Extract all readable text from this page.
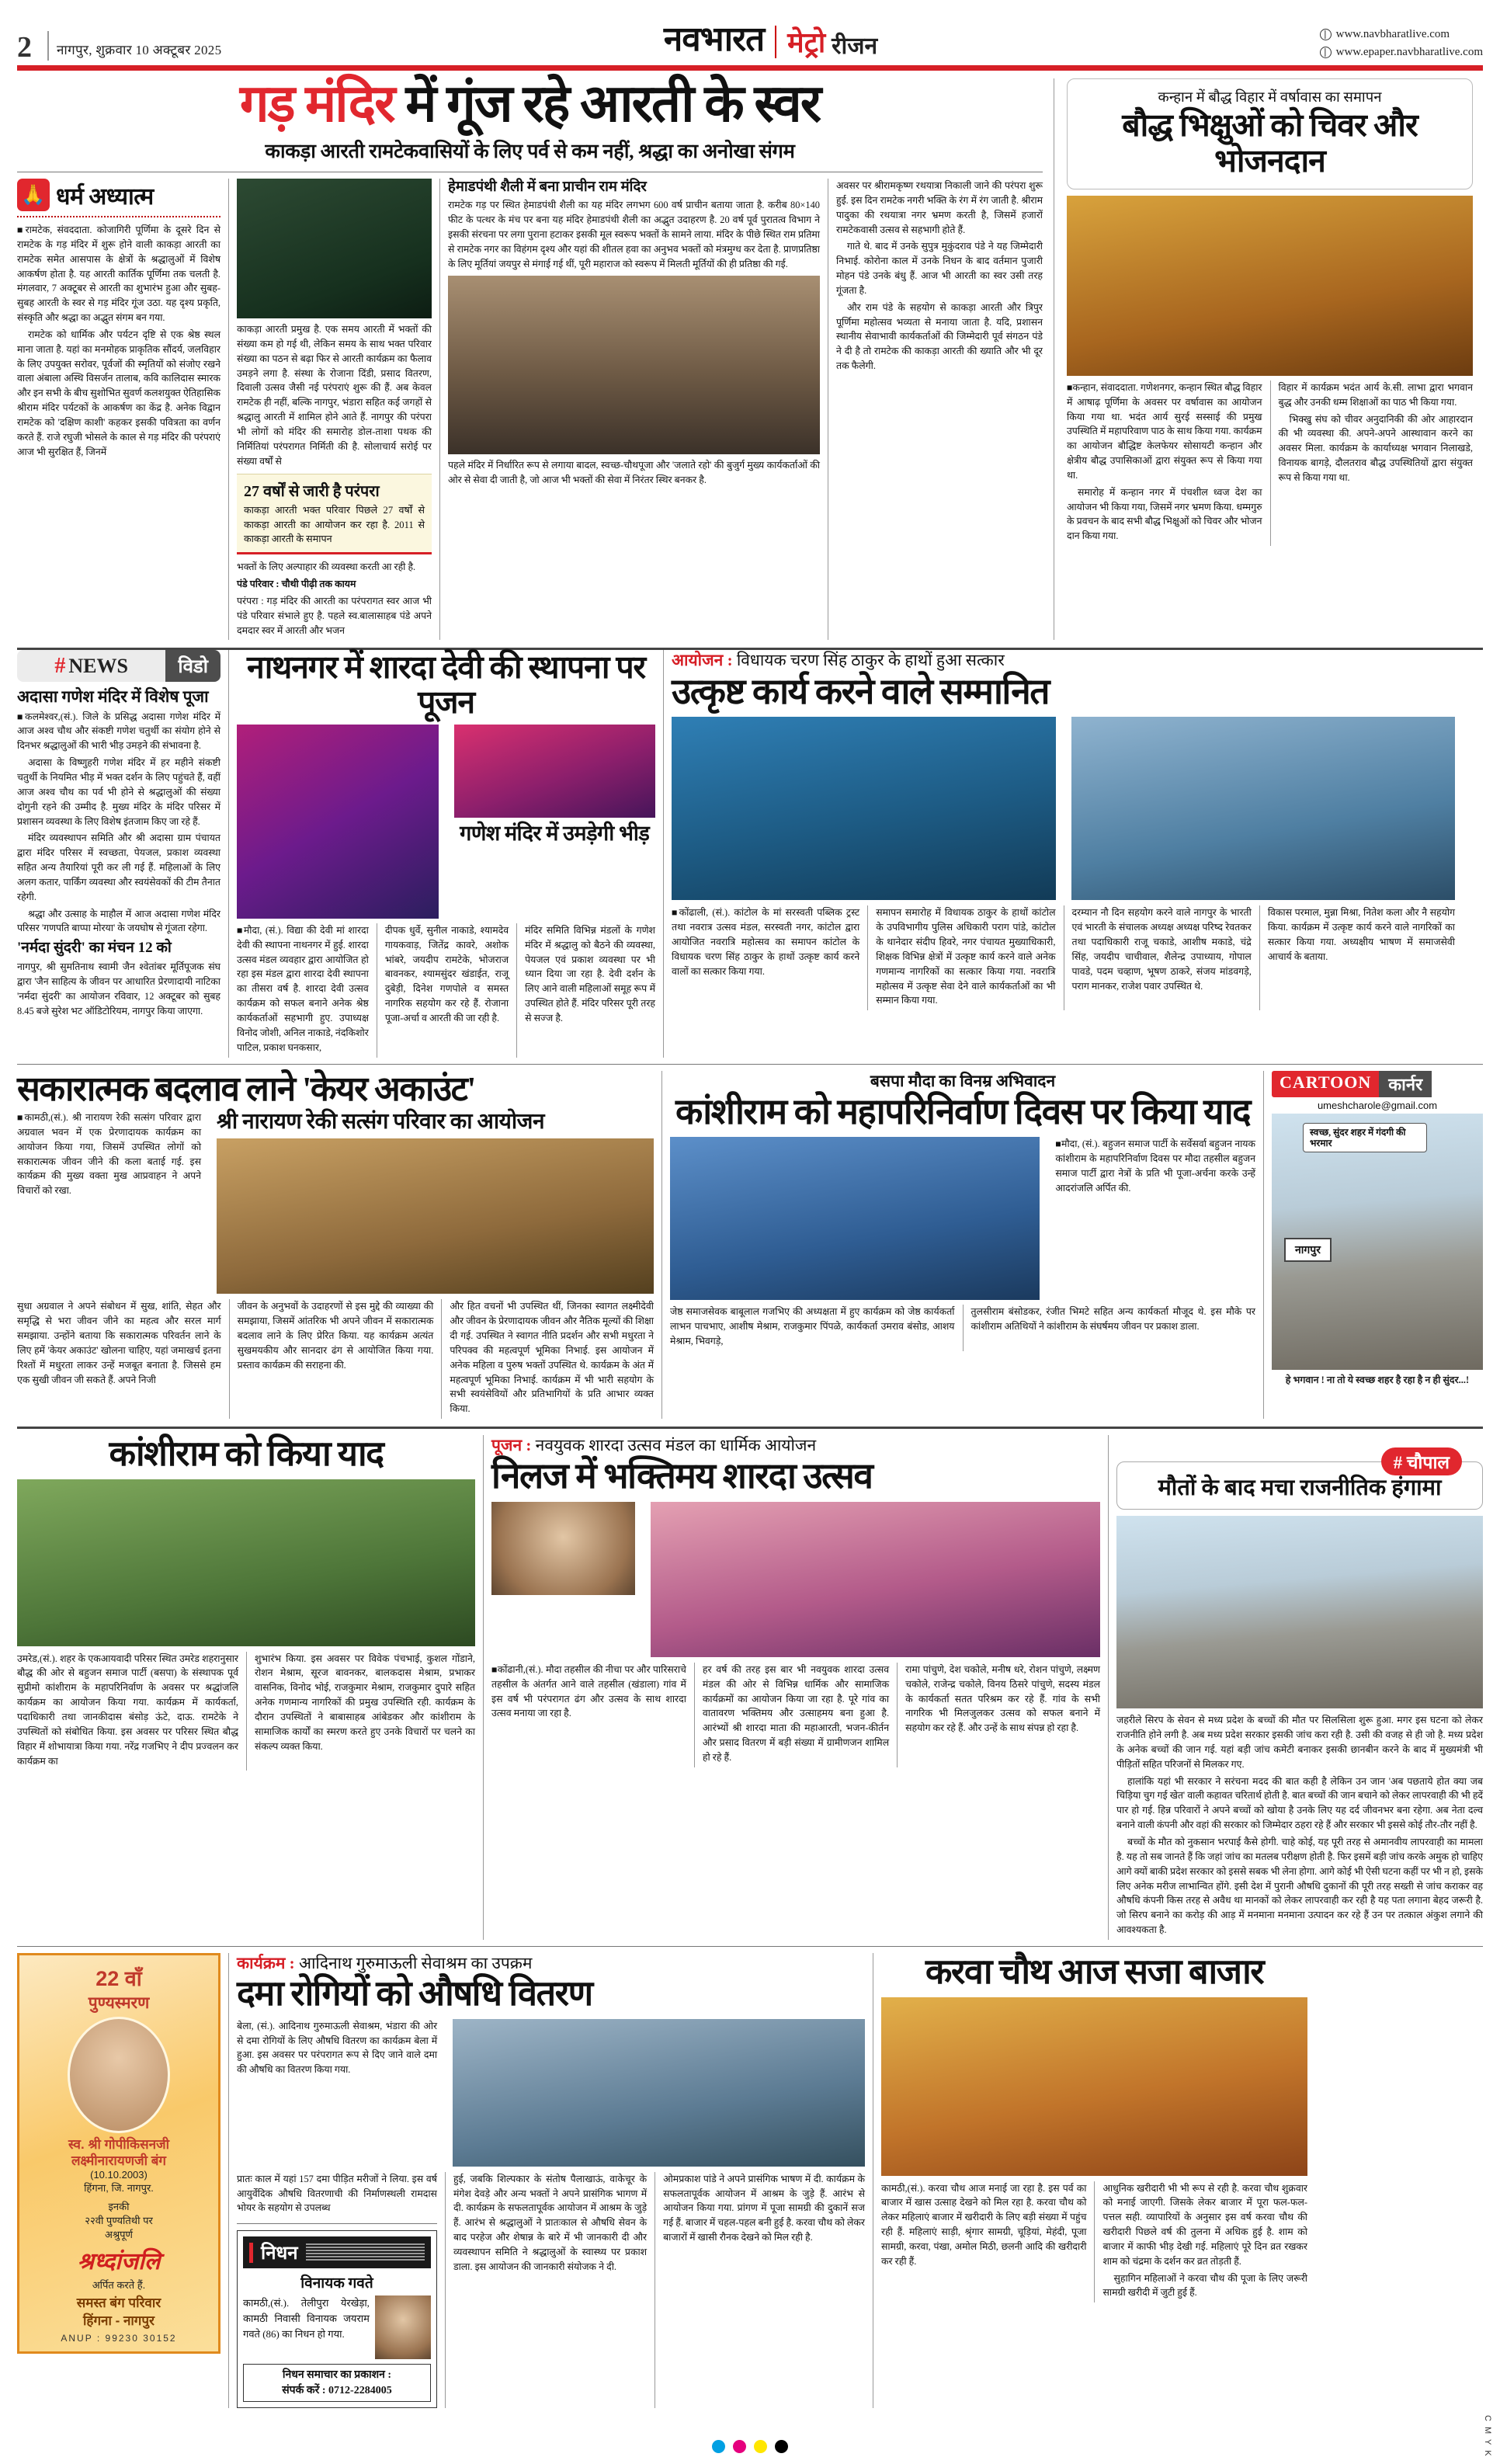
2	नागपुर, शुक्रवार 10 अक्टूबर 2025	नवभारत मेट्रो रीजन	www.navbharatlive.com
www.epaper.navbharatlive.com
गड़ मंदिर में गूंज रहे आरती के स्वर
काकड़ा आरती रामटेकवासियों के लिए पर्व से कम नहीं, श्रद्धा का अनोखा संगम
🙏 धर्म अध्यात्म

■रामटेक, संवददाता. कोजागिरी पूर्णिमा के दूसरे दिन से रामटेक के गड़ मंदिर में शुरू होने वाली काकड़ा आरती का रामटेक समेत आसपास के क्षेत्रों के श्रद्धालुओं में विशेष आकर्षण होता है. यह आरती कार्तिक पूर्णिमा तक चलती है. मंगलवार, 7 अक्टूबर से आरती का शुभारंभ हुआ और सुबह-सुबह आरती के स्वर से गड़ मंदिर गूंज उठा. यह दृश्य प्रकृति, संस्कृति और श्रद्धा का अद्भुत संगम बन गया.

रामटेक को धार्मिक और पर्यटन दृष्टि से एक श्रेष्ठ स्थल माना जाता है. यहां का मनमोहक प्राकृतिक सौंदर्य, जलविहार के लिए उपयुक्त सरोवर, पूर्वजों की स्मृतियों को संजोए रखने वाला अंबाला अस्थि विसर्जन तालाब, कवि कालिदास स्मारक और इन सभी के बीच सुशोभित सुवर्ण कलशयुक्त ऐतिहासिक श्रीराम मंदिर पर्यटकों के आकर्षण का केंद्र है. अनेक विद्वान रामटेक को 'दक्षिण काशी' कहकर इसकी पवित्रता का वर्णन करते हैं. राजे रघुजी भोसले के काल से गड़ मंदिर की परंपराएं आज भी सुरक्षित हैं, जिनमें

काकड़ा आरती प्रमुख है. एक समय आरती में भक्तों की संख्या कम हो गई थी, लेकिन समय के साथ भक्त परिवार संख्या का पठन से बढ़ा फिर से आरती कार्यक्रम का फैलाव उमड़ने लगा है. संस्था के रोजाना दिंडी, प्रसाद वितरण, दिवाली उत्सव जैसी नई परंपराएं शुरू की हैं. अब केवल रामटेक ही नहीं, बल्कि नागपुर, भंडारा सहित कई जगहों से श्रद्धालु आरती में शामिल होने आते हैं. नागपुर की परंपरा भी लाेगों को मंदिर की समारोह डोल-ताशा पथक की निर्मितियां परंपरागत निर्मिती की है. सोलाचार्य सरोई पर संख्या वर्षों से

27 वर्षों से जारी है परंपरा

काकड़ा आरती भक्त परिवार पिछले 27 वर्षों से काकड़ा आरती का आयोजन कर रहा है. 2011 से काकड़ा आरती के समापन

भक्तों के लिए अल्पाहार की व्यवस्था करती आ रही है.

पंडे परिवार : चौथी पीढ़ी तक कायम

परंपरा : गड़ मंदिर की आरती का परंपरागत स्वर आज भी पंडे परिवार संभाले हुए है. पहले स्व.बालासाहब पंडे अपने दमदार स्वर में आरती और भजन

हेमाडपंथी शैली में बना प्राचीन राम मंदिर

रामटेक गड़ पर स्थित हेमाडपंथी शैली का यह मंदिर लगभग 600 वर्ष प्राचीन बताया जाता है. करीब 80×140 फीट के पत्थर के मंच पर बना यह मंदिर हेमाडपंथी शैली का अद्भुत उदाहरण है. 20 वर्ष पूर्व पुरातत्व विभाग ने इसकी संरचना पर लगा पुराना हटाकर इसकी मूल स्वरूप भक्तों के सामने लाया. मंदिर के पीछे स्थित राम प्रतिमा से रामटेक नगर का विहंगम दृश्य और यहां की शीतल हवा का अनुभव भक्तों को मंत्रमुग्ध कर देता है. प्राणप्रतिष्ठा के लिए मूर्तियां जयपुर से मंगाई गई थीं, पूरी महाराज को स्वरूप में मिलती मूर्तियों की ही प्रतिष्ठा की गई.

पहले मंदिर में निर्धारित रूप से लगाया बादल, स्वच्छ-चौथपूजा और 'जलाते रहो' की बुजुर्ग मुख्य कार्यकर्ताओं की ओर से सेवा दी जाती है, जो आज भी भक्तों की सेवा में निरंतर स्थिर बनकर है.

अवसर पर श्रीरामकृष्ण रथयात्रा निकाली जाने की परंपरा शुरू हुई. इस दिन रामटेक नगरी भक्ति के रंग में रंग जाती है. श्रीराम पादुका की रथयात्रा नगर भ्रमण करती है, जिसमें हजारों रामटेकवासी उत्सव से सहभागी होते हैं.

गाते थे. बाद में उनके सुपुत्र मुकुंदराव पंडे ने यह जिम्मेदारी निभाई. कोरोना काल में उनके निधन के बाद वर्तमान पुजारी मोहन पंडे उनके बंधु हैं. आज भी आरती का स्वर उसी तरह गूंजता है.

और राम पंडे के सहयोग से काकड़ा आरती और त्रिपुर पूर्णिमा महोत्सव भव्यता से मनाया जाता है. यदि, प्रशासन स्थानीय सेवाभावी कार्यकर्ताओं की जिम्मेदारी पूर्व संगठन पंडे ने दी है तो रामटेक की काकड़ा आरती की ख्याति और भी दूर तक फैलेगी.

कन्हान में बौद्ध विहार में वर्षावास का समापन
बौद्ध भिक्षुओं को चिवर और भोजनदान

■कन्हान, संवाददाता. गणेशनगर, कन्हान स्थित बौद्ध विहार में आषाढ़ पूर्णिमा के अवसर पर वर्षावास का आयोजन किया गया था. भदंत आर्य सुरई सस्साई की प्रमुख उपस्थिति में महापरिवाण पाठ के साथ किया गया. कार्यक्रम का आयोजन बौद्धिष्ट केलफेयर सोसायटी कन्हान और क्षेत्रीय बौद्ध उपासिकाओं द्वारा संयुक्त रूप से किया गया था.

समारोह में कन्हान नगर में पंचशील ध्वज देश का आयोजन भी किया गया, जिसमें नगर भ्रमण किया. धम्मगुरु के प्रवचन के बाद सभी बौद्ध भिक्षुओं को चिवर और भोजन दान किया गया.

विहार में कार्यक्रम भदंत आर्य के.सी. लाभा द्वारा भगवान बुद्ध और उनकी धम्म शिक्षाओं का पाठ भी किया गया.

भिक्खु संघ को चीवर अनुदानिकी की ओर आहारदान की भी व्यवस्था की. अपने-अपने आस्थावान करने का अवसर मिला. कार्यक्रम के कार्याध्यक्ष भगवान निलाखडे, विनायक बागड़े, दौलतराव बौद्ध उपस्थितियों द्वारा संयुक्त रूप से किया गया था.

# NEWS	विडो
अदासा गणेश मंदिर में विशेष पूजा

■कलमेश्वर,(सं.). जिले के प्रसिद्ध अदासा गणेश मंदिर में आज अश्व चौथ और संकष्टी गणेश चतुर्थी का संयोग होने से दिनभर श्रद्धालुओं की भारी भीड़ उमड़ने की संभावना है.

अदासा के विष्णुहरी गणेश मंदिर में हर महीने संकष्टी चतुर्थी के नियमित भीड़ में भक्त दर्शन के लिए पहुंचते हैं, वहीं आज अश्व चौथ का पर्व भी होने से श्रद्धालुओं की संख्या दोगुनी रहने की उम्मीद है. मुख्य मंदिर के मंदिर परिसर में प्रशासन व्यवस्था के लिए विशेष इंतजाम किए जा रहे हैं.

मंदिर व्यवस्थापन समिति और श्री अदासा ग्राम पंचायत द्वारा मंदिर परिसर में स्वच्छता, पेयजल, प्रकाश व्यवस्था सहित अन्य तैयारियां पूरी कर ली गई हैं. महिलाओं के लिए अलग कतार, पार्किंग व्यवस्था और स्वयंसेवकों की टीम तैनात रहेगी.

श्रद्धा और उत्साह के माहौल में आज अदासा गणेश मंदिर परिसर 'गणपति बाप्पा मोरया' के जयघोष से गूंजता रहेगा.

'नर्मदा सुंदरी' का मंचन 12 को

नागपुर, श्री सुमतिनाथ स्वामी जैन श्वेतांबर मूर्तिपूजक संघ द्वारा 'जैन साहित्य के जीवन पर आधारित प्रेरणादायी नाटिका 'नर्मदा सुंदरी' का आयोजन रविवार, 12 अक्टूबर को सुबह 8.45 बजे सुरेश भट ऑडिटोरियम, नागपुर किया जाएगा.

नाथनगर में शारदा देवी की स्थापना पर पूजन
गणेश मंदिर में उमड़ेगी भीड़

■मौदा, (सं.). विद्या की देवी मां शारदा देवी की स्थापना नाथनगर में हुई. शारदा उत्सव मंडल व्यवहार द्वारा आयोजित हो रहा इस मंडल द्वारा शारदा देवी स्थापना का तीसरा वर्ष है. शारदा देवी उत्सव कार्यक्रम को सफल बनाने अनेक श्रेष्ठ कार्यकर्ताओं सहभागी हुए. उपाध्यक्ष विनोद जोशी, अनिल नाकाडे, नंदकिशोर पाटिल, प्रकाश घनकसार,

दीपक धुर्वे, सुनील नाकाडे, श्यामदेव गायकवाड़, जितेंद्र कावरे, अशोक भांबरे, जयदीप रामटेके, भोजराज बावनकर, श्यामसुंदर खंडाईत, राजू दुबेड़ी, दिनेश गणपोले व समस्त नागरिक सहयोग कर रहे हैं. रोजाना पूजा-अर्चा व आरती की जा रही है.

मंदिर समिति विभिन्न मंडलों के गणेश मंदिर में श्रद्धालु को बैठने की व्यवस्था, पेयजल एवं प्रकाश व्यवस्था पर भी ध्यान दिया जा रहा है. देवी दर्शन के लिए आने वाली महिलाओं समूह रूप में उपस्थित होते हैं. मंदिर परिसर पूरी तरह से सज्ज है.

आयोजन : विधायक चरण सिंह ठाकुर के हाथों हुआ सत्कार
उत्कृष्ट कार्य करने वाले सम्मानित

■कोंढाली, (सं.). कांटोल के मां सरस्वती पब्लिक ट्रस्ट तथा नवरात्र उत्सव मंडल, सरस्वती नगर, कांटोल द्वारा आयोजित नवरात्रि महोत्सव का समापन कांटोल के विधायक चरण सिंह ठाकुर के हाथों उत्कृष्ट कार्य करने वालों का सत्कार किया गया.

समापन समारोह में विधायक ठाकुर के हाथों कांटोल के उपविभागीय पुलिस अधिकारी पराग पांडे, कांटोल के थानेदार संदीप हिवरे, नगर पंचायत मुख्याधिकारी, शिक्षक विभिन्न क्षेत्रों में उत्कृष्ट कार्य करने वाले अनेक गणमान्य नागरिकों का सत्कार किया गया. नवरात्रि महोत्सव में उत्कृष्ट सेवा देने वाले कार्यकर्ताओं का भी सम्मान किया गया.

दरम्यान नौ दिन सहयोग करने वाले नागपुर के भारती एवं भारती के संचालक अध्यक्ष अध्यक्ष परिष्द रेवतकर तथा पदाधिकारी राजू चकाडे, आशीष मकाडे, चंद्रे सिंह, जयदीप चाचीवाल, शैलेन्द्र उपाध्याय, गोपाल पावडे, पदम चव्हाण, भूषण ठाकरे, संजय मांडवगड़े, पराग मानकर, राजेश पवार उपस्थित थे.

विकास परमाल, मुन्ना मिश्रा, नितेश कला और नै सहयोग किया. कार्यक्रम में उत्कृष्ट कार्य करने वाले नागरिकों का सत्कार किया गया. अध्यक्षीय भाषण में समाजसेवी आचार्य के बताया.

सकारात्मक बदलाव लाने 'केयर अकाउंट'

■कामठी,(सं.). श्री नारायण रेकी सत्संग परिवार द्वारा अग्रवाल भवन में एक प्रेरणादायक कार्यक्रम का आयोजन किया गया, जिसमें उपस्थित लोगों को सकारात्मक जीवन जीने की कला बताई गई. इस कार्यक्रम की मुख्य वक्ता मुख आप्रवाहन ने अपने विचारों को रखा.

श्री नारायण रेकी सत्संग परिवार का आयोजन

सुधा अग्रवाल ने अपने संबोधन में सुख, शांति, सेहत और समृद्धि से भरा जीवन जीने का महत्व और सरल मार्ग समझाया. उन्होंने बताया कि सकारात्मक परिवर्तन लाने के लिए हमें 'केयर अकाउंट' खोलना चाहिए, यहां जमाखर्च इतना रिश्तों में मधुरता लाकर उन्हें मजबूत बनाता है. जिससे हम एक सुखी जीवन जी सकते हैं. अपने निजी

जीवन के अनुभवों के उदाहरणों से इस मुद्दे की व्याख्या की समझाया, जिसमें आंतरिक भी अपने जीवन में सकारात्मक बदलाव लाने के लिए प्रेरित किया. यह कार्यक्रम अत्यंत सुखमयकीय और सानदार ढंग से आयोजित किया गया. प्रस्ताव कार्यक्रम की सराहना की.

और हित वचनों भी उपस्थित थीं, जिनका स्वागत लक्ष्मीदेवी और जीवन के प्रेरणादायक जीवन और नैतिक मूल्यों की शिक्षा दी गई. उपस्थित ने स्वागत नीति प्रदर्शन और सभी मधुरता ने परिपक्व की महत्वपूर्ण भूमिका निभाई. इस आयोजन में अनेक महिला व पुरुष भक्तों उपस्थित थे. कार्यक्रम के अंत में महत्वपूर्ण भूमिका निभाई. कार्यक्रम में भी भारी सहयोग के सभी स्वयंसेवियों और प्रतिभागियों के प्रति आभार व्यक्त किया.

बसपा मौदा का विनम्र अभिवादन
कांशीराम को महापरिनिर्वाण दिवस पर किया याद

■मौदा, (सं.). बहुजन समाज पार्टी के सर्वेसर्वा बहुजन नायक कांशीराम के महापरिनिर्वाण दिवस पर मौदा तहसील बहुजन समाज पार्टी द्वारा नेत्रों के प्रति भी पूजा-अर्चना करके उन्हें आदरांजलि अर्पित की.

जेष्ठ समाजसेवक बाबूलाल गजभिए की अध्यक्षता में हुए कार्यक्रम को जेष्ठ कार्यकर्ता लाभन पाचभाए, आशीष मेश्राम, राजकुमार पिंपळे, कार्यकर्ता उमराव बंसोड, आशय मेश्राम, भिवगड़े,

तुलसीराम बंसोडकर, रंजीत भिमटे सहित अन्य कार्यकर्ता मौजूद थे. इस मौके पर कांशीराम अतिथियों ने कांशीराम के संघर्षमय जीवन पर प्रकाश डाला.

CARTOON	कार्नर
umeshcharole@gmail.com
स्वच्छ, सुंदर शहर में गंदगी की भरमार
नागपुर
हे भगवान ! ना तो ये स्वच्छ शहर है रहा है न ही सुंदर...!
कांशीराम को किया याद

उमरेड,(सं.). शहर के एकआयवादी परिसर स्थित उमरेड शहरानुसार बौद्ध की ओर से बहुजन समाज पार्टी (बसपा) के संस्थापक पूर्व सुप्रीमो कांशीराम के महापरिनिर्वाण के अवसर पर श्रद्धांजलि कार्यक्रम का आयोजन किया गया. कार्यक्रम में कार्यकर्ता, पदाधिकारी तथा जानकीदास बंसोड़ ऊंटे, दाऊ. रामटेके ने उपस्थितों को संबोधित किया. इस अवसर पर परिसर स्थित बौद्ध विहार में शोभायात्रा किया गया. नरेंद्र गजभिए ने दीप प्रज्वलन कर कार्यक्रम का

शुभारंभ किया. इस अवसर पर विवेक पंचभाई, कुशल गोंडाने, रोशन मेश्राम, सूरज बावनकर, बालकदास मेश्राम, प्रभाकर वासनिक, विनोद भोई, राजकुमार मेश्राम, राजकुमार दुपारे सहित अनेक गणमान्य नागरिकों की प्रमुख उपस्थिति रही. कार्यक्रम के दौरान उपस्थितों ने बाबासाहब आंबेडकर और कांशीराम के सामाजिक कार्यों का स्मरण करते हुए उनके विचारों पर चलने का संकल्प व्यक्त किया.

पूजन : नवयुवक शारदा उत्सव मंडल का धार्मिक आयोजन
निलज में भक्तिमय शारदा उत्सव

■कोंढानी,(सं.). मौदा तहसील की नीचा पर और पारिसराचे तहसील के अंतर्गत आने वाले तहसील (खंडाला) गांव में इस वर्ष भी परंपरागत ढंग और उत्सव के साथ शारदा उत्सव मनाया जा रहा है.

हर वर्ष की तरह इस बार भी नवयुवक शारदा उत्सव मंडल की ओर से विभिन्न धार्मिक और सामाजिक कार्यक्रमों का आयोजन किया जा रहा है. पूरे गांव का वातावरण भक्तिमय और उत्साहमय बना हुआ है. आरंभ्यों श्री शारदा माता की महाआरती, भजन-कीर्तन और प्रसाद वितरण में बड़ी संख्या में ग्रामीणजन शामिल हो रहे हैं.

रामा पांचुणे, देश चकोले, मनीष धरे, रोशन पांचुणे, लक्ष्मण चकोले, राजेन्द्र चकोले, विनय ठिसरे पांचुणे, सदस्य मंडल के कार्यकर्ता सतत परिश्रम कर रहे हैं. गांव के सभी नागरिक भी मिलजुलकर उत्सव को सफल बनाने में सहयोग कर रहे हैं. और उन्हें के साथ संपन्न हो रहा है.

# चौपाल
मौतों के बाद मचा राजनीतिक हंगामा

जहरीले सिरप के सेवन से मध्य प्रदेश के बच्चों की मौत पर सिलसिला शुरू हुआ. मगर इस घटना को लेकर राजनीति होने लगी है. अब मध्य प्रदेश सरकार इसकी जांच करा रही है. उसी की वजह से ही जो है. मध्य प्रदेश के अनेक बच्चों की जान गई. यहां बड़ी जांच कमेटी बनाकर इसकी छानबीन करने के बाद में मुख्यमंत्री भी पीड़ितों सहित परिजनों से मिलकर गए.

हालांकि यहां भी सरकार ने सरंचना मदद की बात कही है लेकिन उन जान 'अब पछताये होत क्या जब चिड़िया चुग गई खेत' वाली कहावत चरितार्थ होती है. बात बच्चों की जान बचाने को लेकर लापरवाही की भी हदें पार हो गई. हिन्न परिवारों ने अपने बच्चों को खोया है उनके लिए यह दर्द जीवनभर बना रहेगा. अब नेता दल्व बनाने वाली कंपनी और वहां की सरकार को जिम्मेदार ठहरा रहे हैं और सरकार भी इससे कोई तौर-तौर नहीं है.

बच्चों के मौत को नुकसान भरपाई कैसे होगी. चाहे कोई, यह पूरी तरह से अमानवीय लापरवाही का मामला है. यह तो सब जानते हैं कि जहां जांच का मतलब परीक्षण होती है. फिर इसमें बड़ी जांच करके अमुक हो चाहिए आगे क्यों बाकी प्रदेश सरकार को इससे सबक भी लेना होगा. आगे कोई भी ऐसी घटना कहीं पर भी न हो, इसके लिए अनेक मरीज लाभान्वित होंगे. इसी देश में पुरानी औषधि दुकानों की पूरी तरह सख्ती से जांच कराकर वह औषधि कंपनी किस तरह से अवैध था मानकों को लेकर लापरवाही कर रही है यह पता लगाना बेहद जरूरी है. जो सिरप बनाने का करोड़ की आड़ में मनमाना मनमाना उत्पादन कर रहे हैं उन पर तत्काल अंकुश लगाने की आवश्यकता है.

22 वाँ
पुण्यस्मरण
स्व. श्री गोपीकिसनजी
लक्ष्मीनारायणजी बंग
(10.10.2003)
हिंगना, जि. नागपुर.
इनकी
२२वी पुण्यतिथी पर
अश्रुपूर्ण
श्रध्दांजलि
अर्पित करते हैं.
समस्त बंग परिवार
हिंगना - नागपुर
ANUP : 99230 30152
कार्यक्रम : आदिनाथ गुरुमाऊली सेवाश्रम का उपक्रम
दमा रोगियों को औषधि वितरण

बेला, (सं.). आदिनाथ गुरुमाऊली सेवाश्रम, भंडारा की ओर से दमा रोगियों के लिए औषधि वितरण का कार्यक्रम बेला में हुआ. इस अवसर पर परंपरागत रूप से दिए जाने वाले दमा की औषधि का वितरण किया गया.

प्रातः काल में यहां 157 दमा पीड़ित मरीजों ने लिया. इस वर्ष आयुर्वेदिक औषधि वितरणाची की निर्माणस्थली रामदास भोयर के सहयोग से उपलब्ध

निधन
विनायक गवते

कामठी,(सं.). तेलीपुरा येरखेड़ा, कामठी निवासी विनायक जयराम गवते (86) का निधन हो गया.

निधन समाचार का प्रकाशन :
संपर्क करें : 0712-2284005

हुई, जबकि शिल्पकार के संतोष पैलाखाऊं, वाकेचूर के मंगेश देवड़े और अन्य भक्तों ने अपने प्रासंगिक भागण में दी. कार्यक्रम के सफलतापूर्वक आयोजन में आश्रम के जुड़े हैं. आरंभ से श्रद्धालुओं ने प्रातःकाल से औषधि सेवन के बाद परहेज और शेषान्न के बारे में भी जानकारी दी और व्यवस्थापन समिति ने श्रद्धालुओं के स्वास्थ्य पर प्रकाश डाला. इस आयोजन की जानकारी संयोजक ने दी.

ओमप्रकाश पांडे ने अपने प्रासंगिक भाषण में दी. कार्यक्रम के सफलतापूर्वक आयोजन में आश्रम के जुड़े हैं. आरंभ से आयोजन किया गया. प्रांगण में पूजा सामग्री की दुकानें सज गई हैं. बाजार में चहल-पहल बनी हुई है. करवा चौथ को लेकर बाजारों में खासी रौनक देखने को मिल रही है.

करवा चौथ आज सजा बाजार

कामठी,(सं.). करवा चौथ आज मनाई जा रहा है. इस पर्व का बाजार में खास उत्साह देखने को मिल रहा है. करवा चौथ को लेकर महिलाएं बाजार में खरीदारी के लिए बड़ी संख्या में पहुंच रही हैं. महिलाएं साड़ी, श्रृंगार सामग्री, चूड़ियां, मेहंदी, पूजा सामग्री, करवा, पंखा, अमोल मिठी, छलनी आदि की खरीदारी कर रही हैं.

आधुनिक खरीदारी भी भी रूप से रही है. करवा चौथ शुक्रवार को मनाई जाएगी. जिसके लेकर बाजार में पूरा फल-फल-पत्तल सही. व्यापारियों के अनुसार इस वर्ष करवा चौथ की खरीदारी पिछले वर्ष की तुलना में अधिक हुई है. शाम को बाजार में काफी भीड़ देखी गई. महिलाएं पूरे दिन व्रत रखकर शाम को चंद्रमा के दर्शन कर व्रत तोड़ती हैं.

सुहागिन महिलाओं ने करवा चौथ की पूजा के लिए जरूरी सामग्री खरीदी में जुटी हुई हैं.

C M Y K
